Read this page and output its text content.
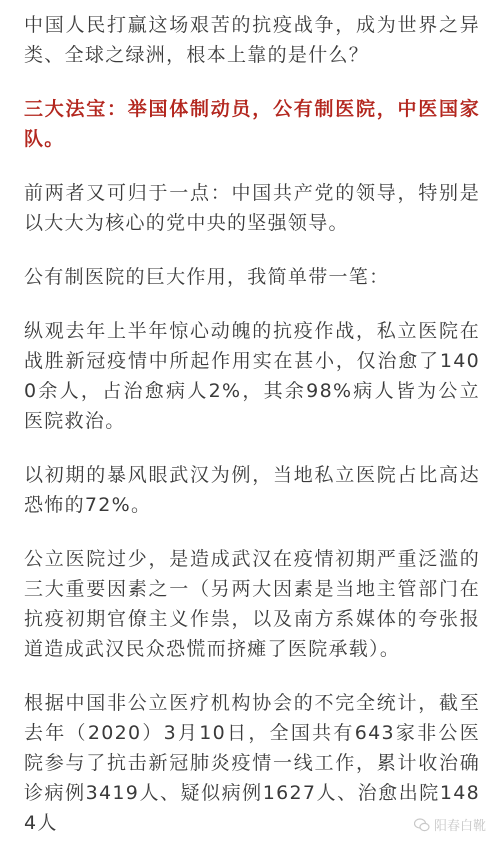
中国人民打赢这场艰苦的抗疫战争，成为世界之异类、全球之绿洲，根本上靠的是什么？

三大法宝：举国体制动员，公有制医院，中医国家队。

前两者又可归于一点：中国共产党的领导，特别是以大大为核心的党中央的坚强领导。

公有制医院的巨大作用，我简单带一笔：

纵观去年上半年惊心动魄的抗疫作战，私立医院在战胜新冠疫情中所起作用实在甚小，仅治愈了1400余人，占治愈病人2%，其余98%病人皆为公立医院救治。

以初期的暴风眼武汉为例，当地私立医院占比高达恐怖的72%。

公立医院过少，是造成武汉在疫情初期严重泛滥的三大重要因素之一（另两大因素是当地主管部门在抗疫初期官僚主义作祟，以及南方系媒体的夸张报道造成武汉民众恐慌而挤瘫了医院承载）。

根据中国非公立医疗机构协会的不完全统计，截至去年（2020）3月10日，全国共有643家非公医院参与了抗击新冠肺炎疫情一线工作，累计收治确诊病例3419人、疑似病例1627人、治愈出院1484人	阳春白靴
